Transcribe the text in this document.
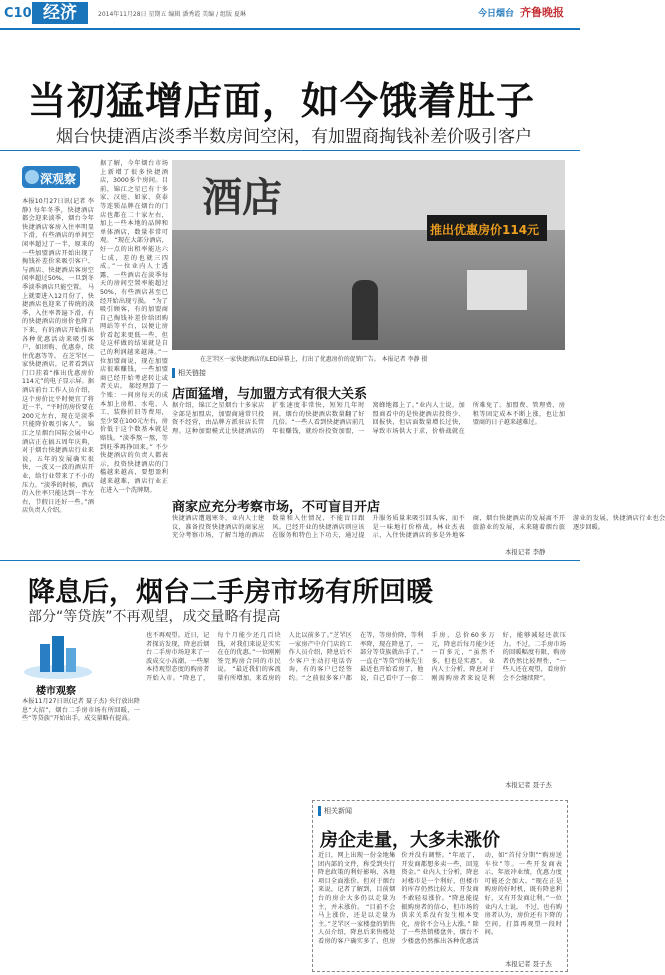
C10 经济	2014年11月28日 星期五 编辑 潘秀霞 美编 / 组版 夏琳	今日烟台 齐鲁晚报
当初猛增店面，如今饿着肚子
烟台快捷酒店淡季半数房间空闲，有加盟商掏钱补差价吸引客户
深观察
本报10月27日讯(记者 李静) 每年冬季，快捷酒店都会迎来淡季，烟台今年快捷酒店客房入住率明显下滑，有些酒店的单间空闲率超过了一半，原来的一些加盟酒店开始出现了掏钱补差价来吸引客户、与酒店、快捷酒店客房空闲率超过50%，一旦到冬季淡季酒店只能空置。 马上就要进入12月份了，快捷酒店也迎来了传统的淡季，入住率普遍下滑，有的快捷酒店的房价也降了下来，有的酒店开始推出各种优惠活动来吸引客户，如团购、优惠券、续住优惠等等。 在芝罘区一家快捷酒店，记者看到店门口挂着“推出优惠房价114元”的电子显示屏。据酒店前台工作人员介绍，这个房价比平时便宜了将近一半，“平时的房价要在200元左右，现在是淡季只能降价吸引客人”。 锦江之星烟台国际会展中心酒店正在搞五周年庆典，对于烟台快捷酒店行业来说，五年的发展确实很快，一波又一波的酒店开业，给行业带来了不小的压力。“淡季的时候，酒店的入住率只能达到一半左右，节假日还好一些。”酒店负责人介绍。
据了解，今年烟台市场上新增了很多快捷酒店，3000多个房间。目前，锦江之星已有十多家，汉庭、如家、莫泰等连锁品牌在烟台的门店也都在二十家左右，加上一些本地的品牌和单体酒店，数量非常可观。 “现在大部分酒店，好一点的出租率能达六七成，差的也就三四成。”一位业内人士透露，一些酒店在淡季每天的房间空置率能超过50%，有些酒店甚至已经开始出现亏损。 “为了吸引顾客，有的加盟商自己掏钱补差价给团购网站等平台，以便让房价看起来更低一些，但是这样做的结果就是自己的利润越来越薄。”一位加盟商说，现在加盟店很难赚钱，一些加盟商已经开始考虑转让或者关店。 郝经理算了一个账：一间房每天的成本加上房租、水电、人工、装修折旧等费用，至少要在100元左右，房价低于这个数基本就是赔钱。“淡季熬一熬，等到旺季再挣回来。” 不少快捷酒店的负责人都表示，投资快捷酒店的门槛越来越高，要想盈利越来越难，酒店行业正在进入一个洗牌期。
酒店
推出优惠房价114元
在芝罘区一家快捷酒店的LED屏幕上，打出了优惠房价的促销广告。 本报记者 李静 摄
相关链接
店面猛增，与加盟方式有很大关系
据介绍，锦江之星烟台十多家店全部是加盟店，加盟商通常只投资不经营，由品牌方派驻店长管理。这种加盟模式让快捷酒店的扩张速度非常快，短短几年时间，烟台的快捷酒店数量翻了好几倍。“一些人看到快捷酒店前几年很赚钱，就纷纷投资加盟，一窝蜂地都上了。”业内人士说，加盟商看中的是快捷酒店投资少、回报快，但店面数量增长过快，导致市场供大于求，价格战就在所难免了。加盟费、管理费、房租等固定成本不断上涨，也让加盟商的日子越来越难过。
商家应充分考察市场，不可盲目开店
快捷酒店遭遇寒冬，业内人士建议，准备投资快捷酒店的商家应充分考察市场，了解当地的酒店数量和入住情况，不能盲目跟风。已经开业的快捷酒店则应该在服务和特色上下功夫，通过提升服务质量来吸引回头客，而不是一味地打价格战。林业杰表示，入住快捷酒店的多是外地客商，烟台快捷酒店的发展离不开旅游业的发展，未来随着烟台旅游业的发展，快捷酒店行业也会逐步回暖。
本报记者 李静
降息后，烟台二手房市场有所回暖
部分“等贷族”不再观望，成交量略有提高
楼市观察
本报11月27日讯(记者 聂子杰) 央行放出降息“大招”，烟台二手房市场有所回暖，一些“等贷族”开始出手，成交量略有提高。
也不再观望。近日，记者探访发现，降息后烟台二手房市场迎来了一波成交小高潮，一些原本持观望态度的购房者开始入市。“降息了，每个月能少还几百块钱，对我们来说是实实在在的优惠。”一位刚刚签完购房合同的市民说。 “最近我们的客流量有所增加，来看房的人比以前多了。”芝罘区一家房产中介门店的工作人员介绍，降息后不少客户主动打电话咨询，有的客户已经签约。“之前很多客户都在等，等房价降，等利率降，现在降息了，一部分等贷族就出手了。” 一直在“等贷”的林先生最近也开始看房了，他说，自己看中了一套二手房，总价60多万元，降息后每月能少还一百多元，“虽然不多，但也是实惠”。 业内人士分析，降息对于刚需购房者来说是利好，能够减轻还款压力。不过，二手房市场的回暖幅度有限，购房者仍然比较理性，“一些人还在观望，看房价会不会继续降”。
本报记者 聂子杰
相关新闻
房企走量，大多未涨价
近日，网上出现一份金地集团内部的文件，称受到央行降息政策的利好影响，各地项目全面涨价。但对于烟台来说，记者了解到，目前烟台的房企大多仍以走量为主，并未涨价。 “目前不会马上涨价，还是以走量为主。”芝罘区一家楼盘的销售人员介绍，降息后来售楼处看房的客户确实多了，但房价并没有调整。“年底了，开发商都想多卖一些，回笼资金。” 业内人士分析，降息对楼市是一个利好，但楼市的库存仍然比较大，开发商不敢轻易涨价。“降息能提振购房者的信心，但市场的供求关系没有发生根本变化，房价不会马上大涨。” 除了一些热销楼盘外，烟台不少楼盘仍然推出各种优惠活动，如“首付分期”“购房送车位”等。一些开发商表示，年底冲业绩，优惠力度可能还会加大。“现在正是购房的好时机，既有降息利好，又有开发商让利。”一位业内人士说。 不过，也有购房者认为，房价还有下降的空间，打算再观望一段时间。
本报记者 聂子杰
